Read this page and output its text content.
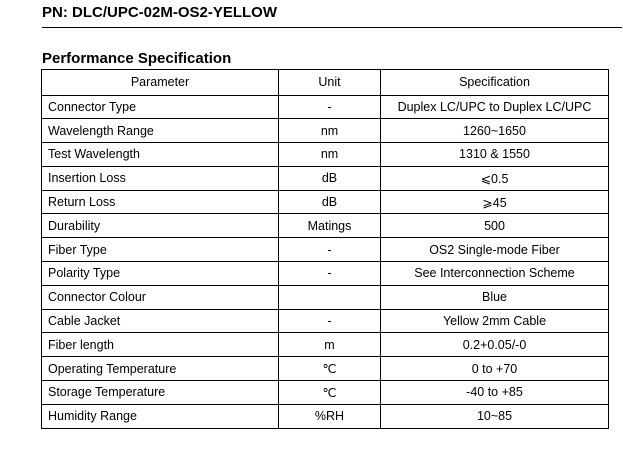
PN: DLC/UPC-02M-OS2-YELLOW
Performance Specification
Parameter	Unit	Specification
Connector Type	-	Duplex LC/UPC to Duplex LC/UPC
Wavelength Range	nm	1260~1650
Test Wavelength	nm	1310 & 1550
Insertion Loss	dB	⩽0.5
Return Loss	dB	⩾45
Durability	Matings	500
Fiber Type	-	OS2 Single-mode Fiber
Polarity Type	-	See Interconnection Scheme
Connector Colour		Blue
Cable Jacket	-	Yellow 2mm Cable
Fiber length	m	0.2+0.05/-0
Operating Temperature	℃	0 to +70
Storage Temperature	℃	-40 to +85
Humidity Range	%RH	10~85
